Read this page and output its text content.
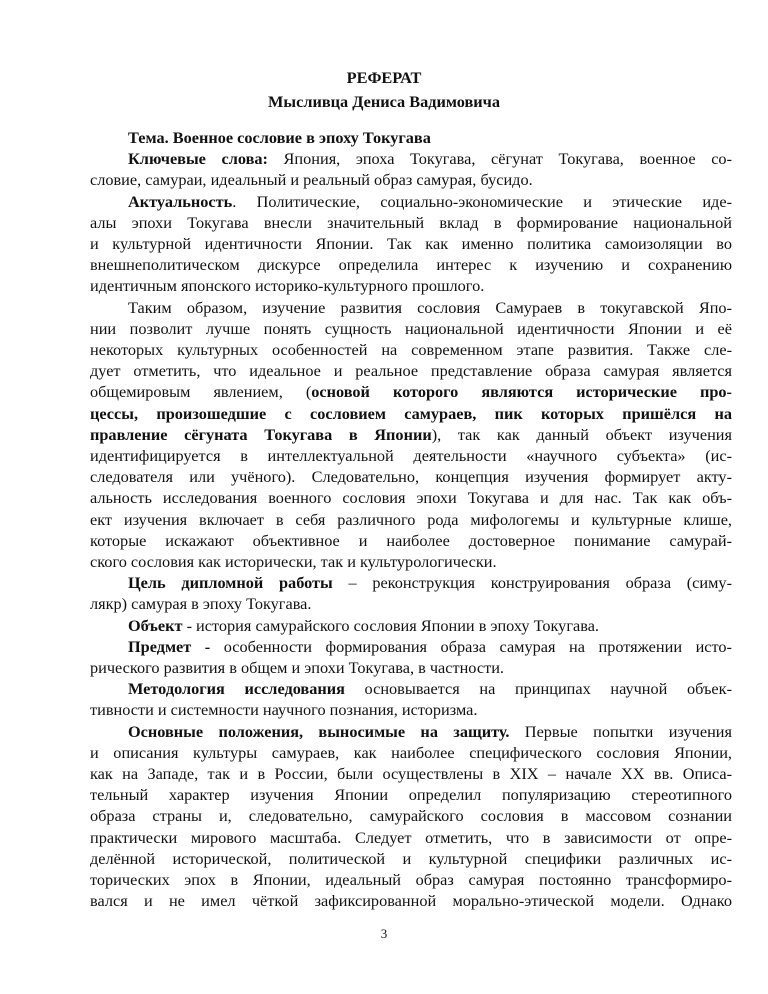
РЕФЕРАТ
Мысливца Дениса Вадимовича
Тема. Военное сословие в эпоху Токугава
Ключевые слова: Япония, эпоха Токугава, сёгунат Токугава, военное со-
словие, самураи, идеальный и реальный образ самурая, бусидо.
Актуальность. Политические, социально-экономические и этические иде-
алы эпохи Токугава внесли значительный вклад в формирование национальной
и культурной идентичности Японии. Так как именно политика самоизоляции во
внешнеполитическом дискурсе определила интерес к изучению и сохранению
идентичным японского историко-культурного прошлого.
Таким образом, изучение развития сословия Самураев в токугавской Япо-
нии позволит лучше понять сущность национальной идентичности Японии и её
некоторых культурных особенностей на современном этапе развития. Также сле-
дует отметить, что идеальное и реальное представление образа самурая является
общемировым явлением, (основой которого являются исторические про-
цессы, произошедшие с сословием самураев, пик которых пришёлся на
правление сёгуната Токугава в Японии), так как данный объект изучения
идентифицируется в интеллектуальной деятельности «научного субъекта» (ис-
следователя или учёного). Следовательно, концепция изучения формирует акту-
альность исследования военного сословия эпохи Токугава и для нас. Так как объ-
ект изучения включает в себя различного рода мифологемы и культурные клише,
которые искажают объективное и наиболее достоверное понимание самурай-
ского сословия как исторически, так и культурологически.
Цель дипломной работы – реконструкция конструирования образа (симу-
лякр) самурая в эпоху Токугава.
Объект - история самурайского сословия Японии в эпоху Токугава.
Предмет - особенности формирования образа самурая на протяжении исто-
рического развития в общем и эпохи Токугава, в частности.
Методология исследования основывается на принципах научной объек-
тивности и системности научного познания, историзма.
Основные положения, выносимые на защиту. Первые попытки изучения
и описания культуры самураев, как наиболее специфического сословия Японии,
как на Западе, так и в России, были осуществлены в XIX – начале XX вв. Описа-
тельный характер изучения Японии определил популяризацию стереотипного
образа страны и, следовательно, самурайского сословия в массовом сознании
практически мирового масштаба. Следует отметить, что в зависимости от опре-
делённой исторической, политической и культурной специфики различных ис-
торических эпох в Японии, идеальный образ самурая постоянно трансформиро-
вался и не имел чёткой зафиксированной морально-этической модели. Однако
3
